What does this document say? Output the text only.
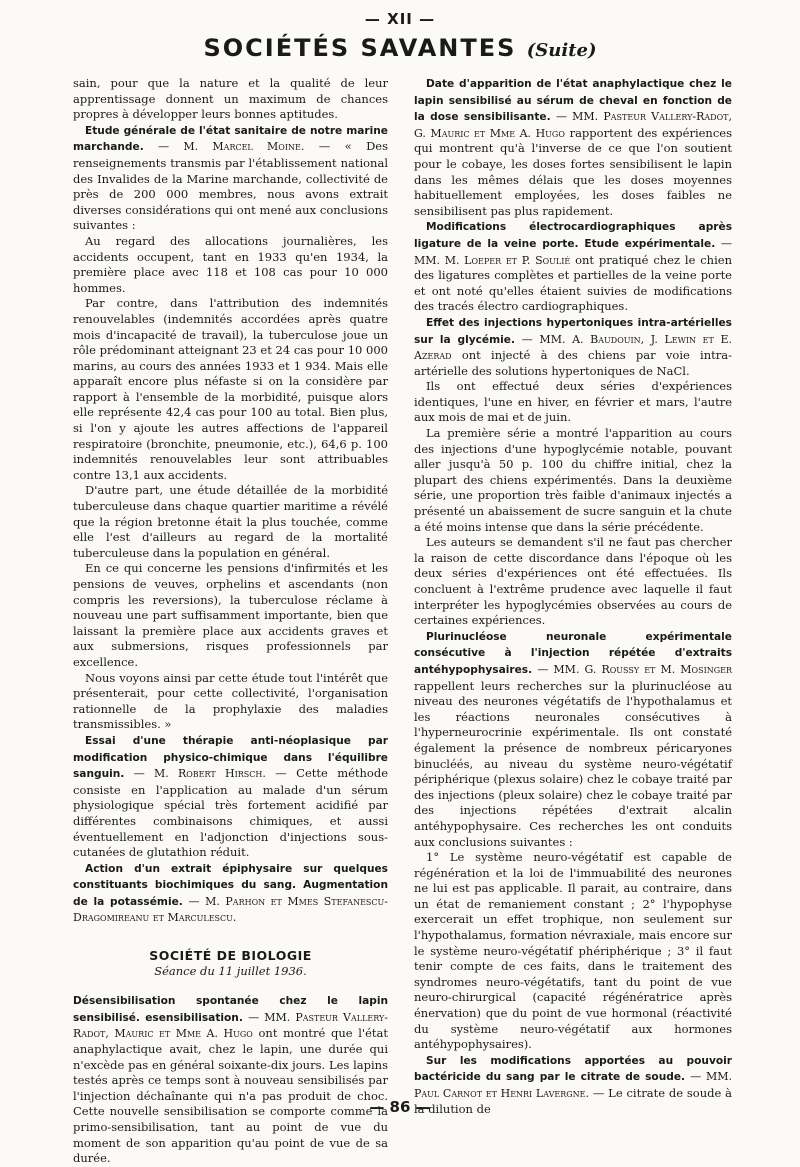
— XII —
SOCIÉTÉS SAVANTES (Suite)

sain, pour que la nature et la qualité de leur apprentissage donnent un maximum de chances propres à développer leurs bonnes aptitudes.

Etude générale de l'état sanitaire de notre marine marchande. — M. Marcel Moine. — « Des renseignements transmis par l'établissement national des Invalides de la Marine marchande, collectivité de près de 200 000 membres, nous avons extrait diverses considérations qui ont mené aux conclusions suivantes :

Au regard des allocations journalières, les accidents occupent, tant en 1933 qu'en 1934, la première place avec 118 et 108 cas pour 10 000 hommes.

Par contre, dans l'attribution des indemnités renouvelables (indemnités accordées après quatre mois d'incapacité de travail), la tuberculose joue un rôle prédominant atteignant 23 et 24 cas pour 10 000 marins, au cours des années 1933 et 1 934. Mais elle apparaît encore plus néfaste si on la considère par rapport à l'ensemble de la morbidité, puisque alors elle représente 42,4 cas pour 100 au total. Bien plus, si l'on y ajoute les autres affections de l'appareil respiratoire (bronchite, pneumonie, etc.), 64,6 p. 100 indemnités renouvelables leur sont attribuables contre 13,1 aux accidents.

D'autre part, une étude détaillée de la morbidité tuberculeuse dans chaque quartier maritime a révélé que la région bretonne était la plus touchée, comme elle l'est d'ailleurs au regard de la mortalité tuberculeuse dans la population en général.

En ce qui concerne les pensions d'infirmités et les pensions de veuves, orphelins et ascendants (non compris les reversions), la tuberculose réclame à nouveau une part suffisamment importante, bien que laissant la première place aux accidents graves et aux submersions, risques professionnels par excellence.

Nous voyons ainsi par cette étude tout l'intérêt que présenterait, pour cette collectivité, l'organisation rationnelle de la prophylaxie des maladies transmissibles. »

Essai d'une thérapie anti-néoplasique par modification physico-chimique dans l'équilibre sanguin. — M. Robert Hirsch. — Cette méthode consiste en l'application au malade d'un sérum physiologique spécial très fortement acidifié par différentes combinaisons chimiques, et aussi éventuellement en l'adjonction d'injections sous-cutanées de glutathion réduit.

Action d'un extrait épiphysaire sur quelques constituants biochimiques du sang. Augmentation de la potassémie. — M. Parhon et Mmes Stefanescu-Dragomireanu et Marculescu.

SOCIÉTÉ DE BIOLOGIE
Séance du 11 juillet 1936.

Désensibilisation spontanée chez le lapin sensibilisé. esensibilisation. — MM. Pasteur Vallery-Radot, Mauric et Mme A. Hugo ont montré que l'état anaphylactique avait, chez le lapin, une durée qui n'excède pas en général soixante-dix jours. Les lapins testés après ce temps sont à nouveau sensibilisés par l'injection déchaînante qui n'a pas produit de choc. Cette nouvelle sensibilisation se comporte comme la primo-sensibilisation, tant au point de vue du moment de son apparition qu'au point de vue de sa durée.

Date d'apparition de l'état anaphylactique chez le lapin sensibilisé au sérum de cheval en fonction de la dose sensibilisante. — MM. Pasteur Vallery-Radot, G. Mauric et Mme A. Hugo rapportent des expériences qui montrent qu'à l'inverse de ce que l'on soutient pour le cobaye, les doses fortes sensibilisent le lapin dans les mêmes délais que les doses moyennes habituellement employées, les doses faibles ne sensibilisent pas plus rapidement.

Modifications électrocardiographiques après ligature de la veine porte. Etude expérimentale. — MM. M. Loeper et P. Soulié ont pratiqué chez le chien des ligatures complètes et partielles de la veine porte et ont noté qu'elles étaient suivies de modifications des tracés électro cardiographiques.

Effet des injections hypertoniques intra-artérielles sur la glycémie. — MM. A. Baudouin, J. Lewin et E. Azerad ont injecté à des chiens par voie intra-artérielle des solutions hypertoniques de NaCl.

Ils ont effectué deux séries d'expériences identiques, l'une en hiver, en février et mars, l'autre aux mois de mai et de juin.

La première série a montré l'apparition au cours des injections d'une hypoglycémie notable, pouvant aller jusqu'à 50 p. 100 du chiffre initial, chez la plupart des chiens expérimentés. Dans la deuxième série, une proportion très faible d'animaux injectés a présenté un abaissement de sucre sanguin et la chute a été moins intense que dans la série précédente.

Les auteurs se demandent s'il ne faut pas chercher la raison de cette discordance dans l'époque où les deux séries d'expériences ont été effectuées. Ils concluent à l'extrême prudence avec laquelle il faut interpréter les hypoglycémies observées au cours de certaines expériences.

Plurinucléose neuronale expérimentale consécutive à l'injection répétée d'extraits antéhypophysaires. — MM. G. Roussy et M. Mosinger rappellent leurs recherches sur la plurinucléose au niveau des neurones végétatifs de l'hypothalamus et les réactions neuronales consécutives à l'hyperneurocrinie expérimentale. Ils ont constaté également la présence de nombreux péricaryones binucléés, au niveau du système neuro-végétatif périphérique (plexus solaire) chez le cobaye traité par des injections (pleux solaire) chez le cobaye traité par des injections répétées d'extrait alcalin antéhypophysaire. Ces recherches les ont conduits aux conclusions suivantes :

1° Le système neuro-végétatif est capable de régénération et la loi de l'immuabilité des neurones ne lui est pas applicable. Il parait, au contraire, dans un état de remaniement constant ; 2° l'hypophyse exercerait un effet trophique, non seulement sur l'hypothalamus, formation névraxiale, mais encore sur le système neuro-végétatif phériphérique ; 3° il faut tenir compte de ces faits, dans le traitement des syndromes neuro-végétatifs, tant du point de vue neuro-chirurgical (capacité régénératrice après énervation) que du point de vue hormonal (réactivité du système neuro-végétatif aux hormones antéhypophysaires).

Sur les modifications apportées au pouvoir bactéricide du sang par le citrate de soude. — MM. Paul Carnot et Henri Lavergne. — Le citrate de soude à la dilution de

— 86 —
